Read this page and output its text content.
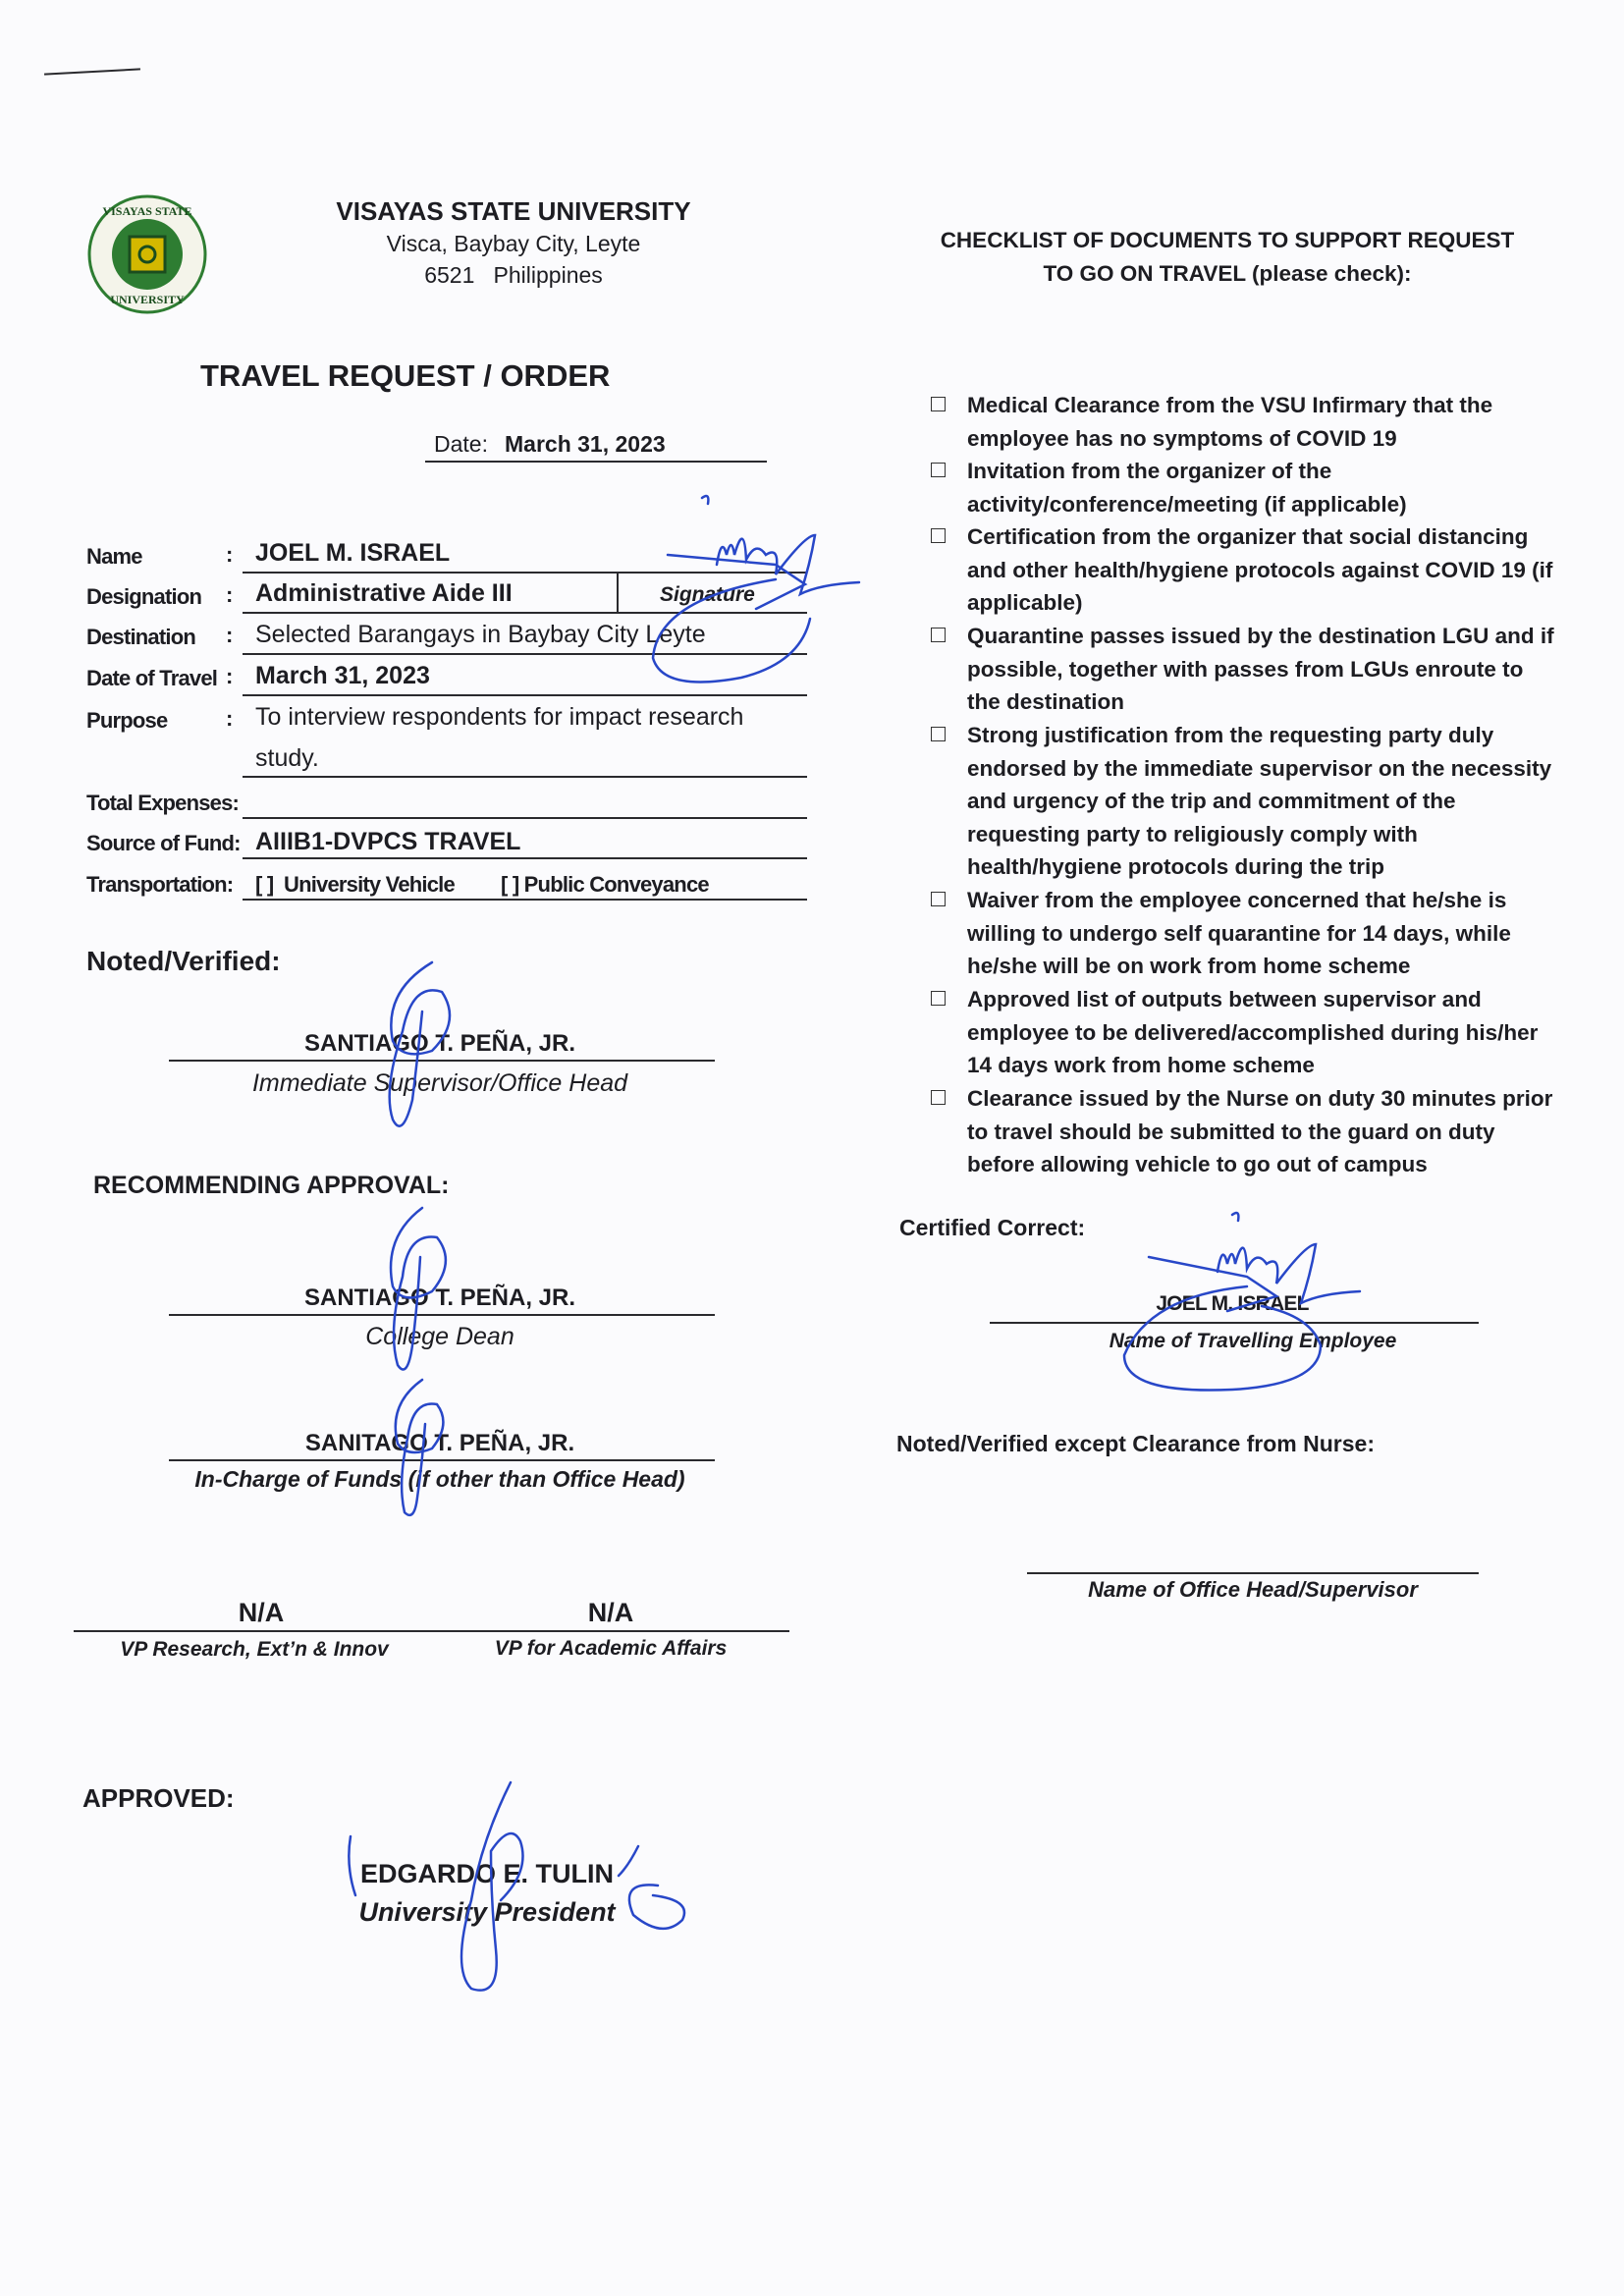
VISAYAS STATE
UNIVERSITY
VISAYAS STATE UNIVERSITY
Visca, Baybay City, Leyte
6521   Philippines
TRAVEL REQUEST / ORDER
Date: March 31, 2023
Name	: JOEL M. ISRAEL
Designation : Administrative Aide III	Signature
Destination : Selected Barangays in Baybay City Leyte
Date of Travel : March 31, 2023
Purpose	: To interview respondents for impact research
study.
Total Expenses:
Source of Fund: AIIIB1-DVPCS TRAVEL
Transportation: [ ]  University Vehicle [ ] Public Conveyance
Noted/Verified:
SANTIAGO T. PEÑA, JR.
Immediate Supervisor/Office Head
RECOMMENDING APPROVAL:
SANTIAGO T. PEÑA, JR.
College Dean
SANITAGO T. PEÑA, JR.
In-Charge of Funds (if other than Office Head)
N/A	N/A
VP Research, Ext’n & Innov	VP for Academic Affairs
APPROVED:
EDGARDO E. TULIN
University President
CHECKLIST OF DOCUMENTS TO SUPPORT REQUEST
TO GO ON TRAVEL (please check):
Medical Clearance from the VSU Infirmary that the employee has no symptoms of COVID 19
Invitation from the organizer of the activity/conference/meeting (if applicable)
Certification from the organizer that social distancing and other health/hygiene protocols against COVID 19 (if applicable)
Quarantine passes issued by the destination LGU and if possible, together with passes from LGUs enroute to the destination
Strong justification from the requesting party duly endorsed by the immediate supervisor on the necessity and urgency of the trip and commitment of the requesting party to religiously comply with health/hygiene protocols during the trip
Waiver from the employee concerned that he/she is willing to undergo self quarantine for 14 days, while he/she will be on work from home scheme
Approved list of outputs between supervisor and employee to be delivered/accomplished during his/her 14 days work from home scheme
Clearance issued by the Nurse on duty 30 minutes prior to travel should be submitted to the guard on duty before allowing vehicle to go out of campus
Certified Correct:
JOEL M. ISRAEL
Name of Travelling Employee
Noted/Verified except Clearance from Nurse:
Name of Office Head/Supervisor
